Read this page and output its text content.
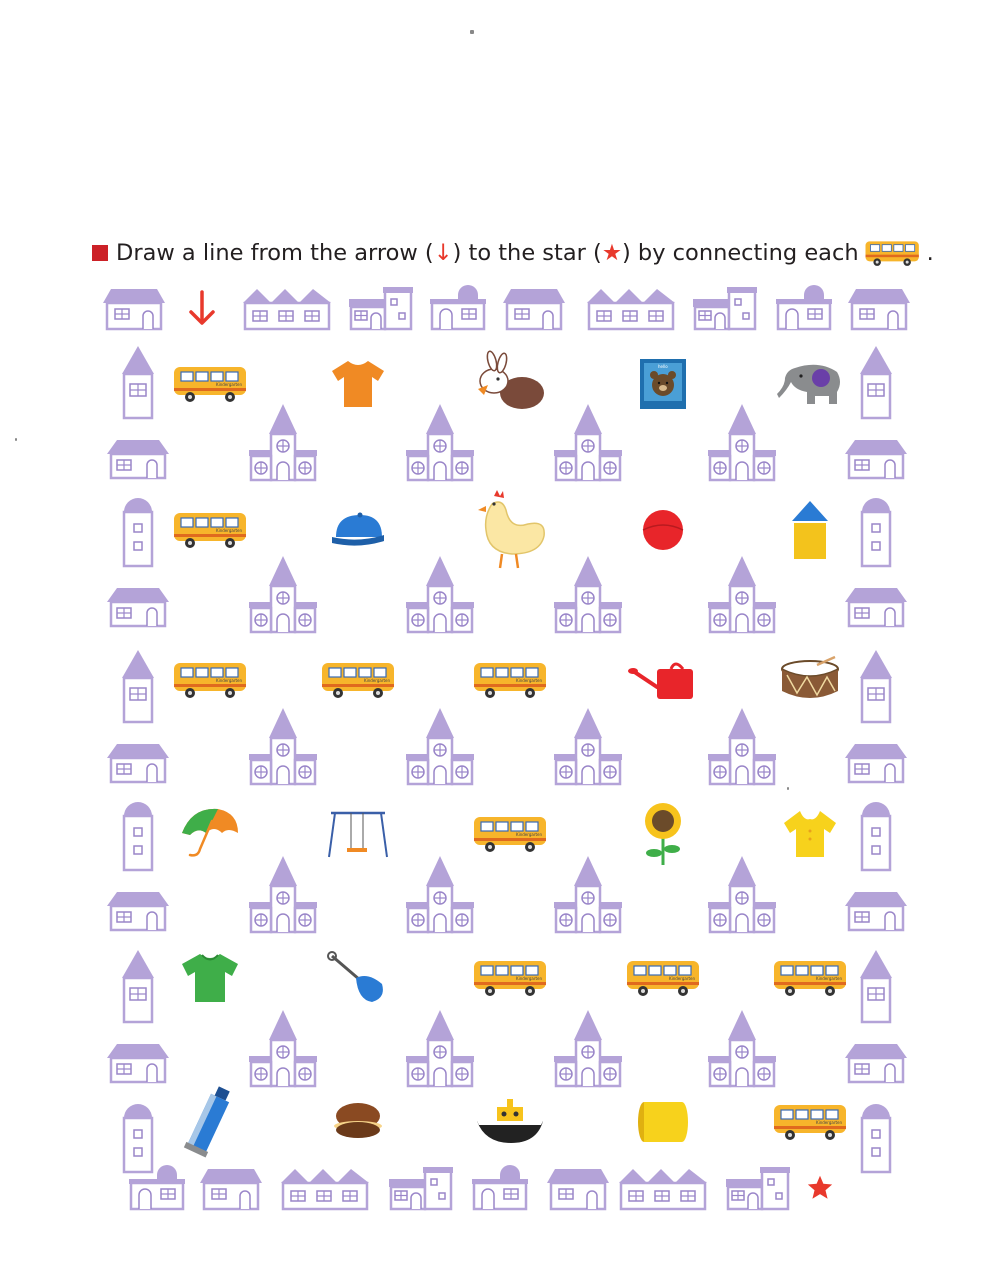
Draw a line from the arrow ( ↓ ) to the star ( ★ ) by connecting each	.
Kindergarten
hello
Kindergarten
Kindergarten	Kindergarten	Kindergarten
Kindergarten
Kindergarten	Kindergarten	Kindergarten
Kindergarten
